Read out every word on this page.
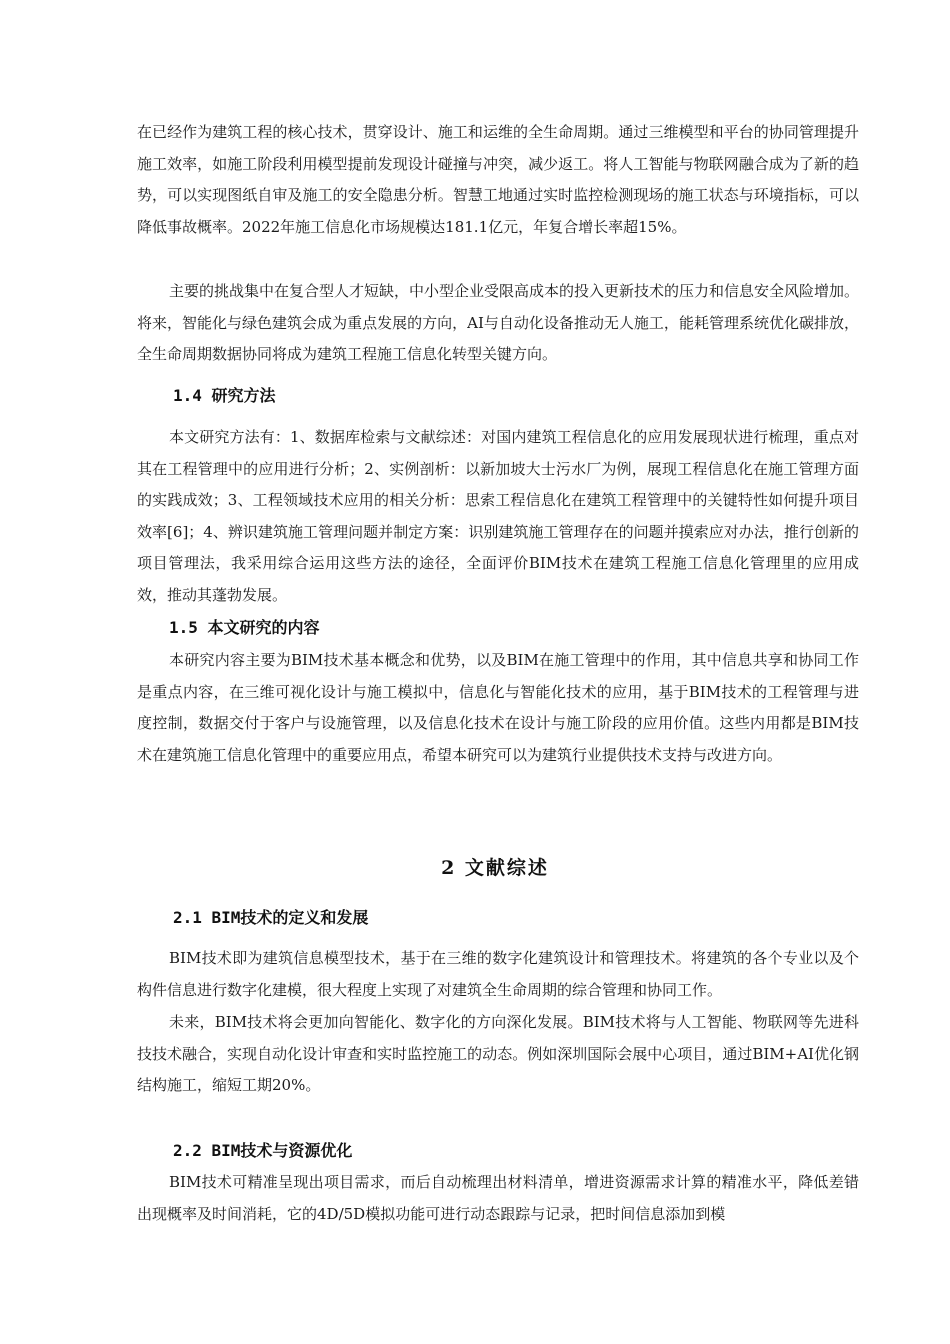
在已经作为建筑工程的核心技术，贯穿设计、施工和运维的全生命周期。通过三维模型和平台的协同管理提升施工效率，如施工阶段利用模型提前发现设计碰撞与冲突，减少返工。将人工智能与物联网融合成为了新的趋势，可以实现图纸自审及施工的安全隐患分析。智慧工地通过实时监控检测现场的施工状态与环境指标，可以降低事故概率。2022年施工信息化市场规模达181.1亿元，年复合增长率超15%。

主要的挑战集中在复合型人才短缺，中小型企业受限高成本的投入更新技术的压力和信息安全风险增加。将来，智能化与绿色建筑会成为重点发展的方向，AI与自动化设备推动无人施工，能耗管理系统优化碳排放，全生命周期数据协同将成为建筑工程施工信息化转型关键方向。

1.4 研究方法

本文研究方法有：1、数据库检索与文献综述：对国内建筑工程信息化的应用发展现状进行梳理，重点对其在工程管理中的应用进行分析；2、实例剖析：以新加坡大士污水厂为例，展现工程信息化在施工管理方面的实践成效；3、工程领域技术应用的相关分析：思索工程信息化在建筑工程管理中的关键特性如何提升项目效率[6]；4、辨识建筑施工管理问题并制定方案：识别建筑施工管理存在的问题并摸索应对办法，推行创新的项目管理法，我采用综合运用这些方法的途径，全面评价BIM技术在建筑工程施工信息化管理里的应用成效，推动其蓬勃发展。

1.5 本文研究的内容

本研究内容主要为BIM技术基本概念和优势，以及BIM在施工管理中的作用，其中信息共享和协同工作是重点内容，在三维可视化设计与施工模拟中，信息化与智能化技术的应用，基于BIM技术的工程管理与进度控制，数据交付于客户与设施管理，以及信息化技术在设计与施工阶段的应用价值。这些内用都是BIM技术在建筑施工信息化管理中的重要应用点，希望本研究可以为建筑行业提供技术支持与改进方向。

2 文献综述
2.1 BIM技术的定义和发展

BIM技术即为建筑信息模型技术，基于在三维的数字化建筑设计和管理技术。将建筑的各个专业以及个构件信息进行数字化建模，很大程度上实现了对建筑全生命周期的综合管理和协同工作。

未来，BIM技术将会更加向智能化、数字化的方向深化发展。BIM技术将与人工智能、物联网等先进科技技术融合，实现自动化设计审查和实时监控施工的动态。例如深圳国际会展中心项目，通过BIM+AI优化钢结构施工，缩短工期20%。

2.2 BIM技术与资源优化

BIM技术可精准呈现出项目需求，而后自动梳理出材料清单，增进资源需求计算的精准水平，降低差错出现概率及时间消耗，它的4D/5D模拟功能可进行动态跟踪与记录，把时间信息添加到模
